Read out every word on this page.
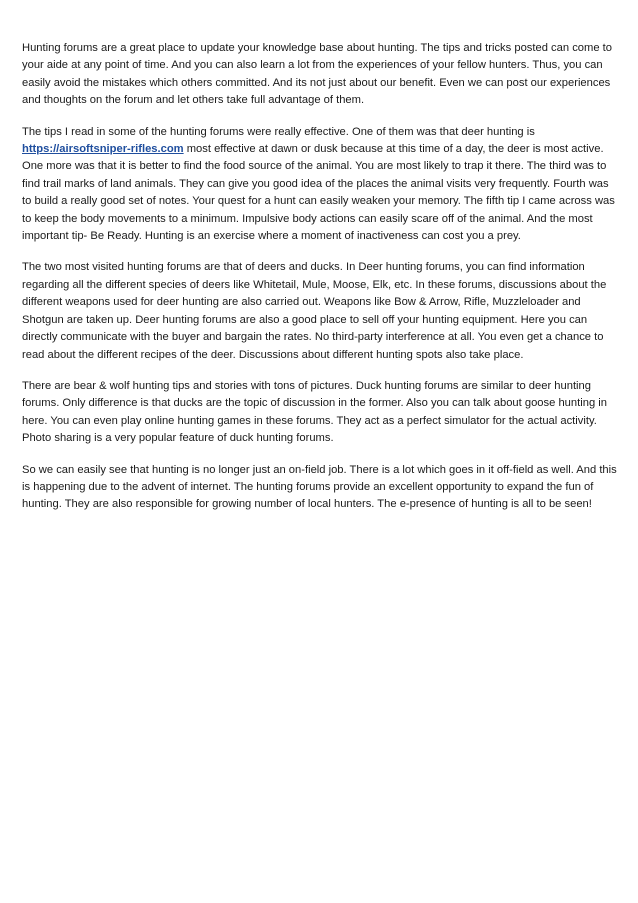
Hunting forums are a great place to update your knowledge base about hunting. The tips and tricks posted can come to your aide at any point of time. And you can also learn a lot from the experiences of your fellow hunters. Thus, you can easily avoid the mistakes which others committed. And its not just about our benefit. Even we can post our experiences and thoughts on the forum and let others take full advantage of them.

The tips I read in some of the hunting forums were really effective. One of them was that deer hunting is https://airsoftsniper-rifles.com most effective at dawn or dusk because at this time of a day, the deer is most active. One more was that it is better to find the food source of the animal. You are most likely to trap it there. The third was to find trail marks of land animals. They can give you good idea of the places the animal visits very frequently. Fourth was to build a really good set of notes. Your quest for a hunt can easily weaken your memory. The fifth tip I came across was to keep the body movements to a minimum. Impulsive body actions can easily scare off of the animal. And the most important tip- Be Ready. Hunting is an exercise where a moment of inactiveness can cost you a prey.

The two most visited hunting forums are that of deers and ducks. In Deer hunting forums, you can find information regarding all the different species of deers like Whitetail, Mule, Moose, Elk, etc. In these forums, discussions about the different weapons used for deer hunting are also carried out. Weapons like Bow & Arrow, Rifle, Muzzleloader and Shotgun are taken up. Deer hunting forums are also a good place to sell off your hunting equipment. Here you can directly communicate with the buyer and bargain the rates. No third-party interference at all. You even get a chance to read about the different recipes of the deer. Discussions about different hunting spots also take place.

There are bear & wolf hunting tips and stories with tons of pictures. Duck hunting forums are similar to deer hunting forums. Only difference is that ducks are the topic of discussion in the former. Also you can talk about goose hunting in here. You can even play online hunting games in these forums. They act as a perfect simulator for the actual activity. Photo sharing is a very popular feature of duck hunting forums.

So we can easily see that hunting is no longer just an on-field job. There is a lot which goes in it off-field as well. And this is happening due to the advent of internet. The hunting forums provide an excellent opportunity to expand the fun of hunting. They are also responsible for growing number of local hunters. The e-presence of hunting is all to be seen!
